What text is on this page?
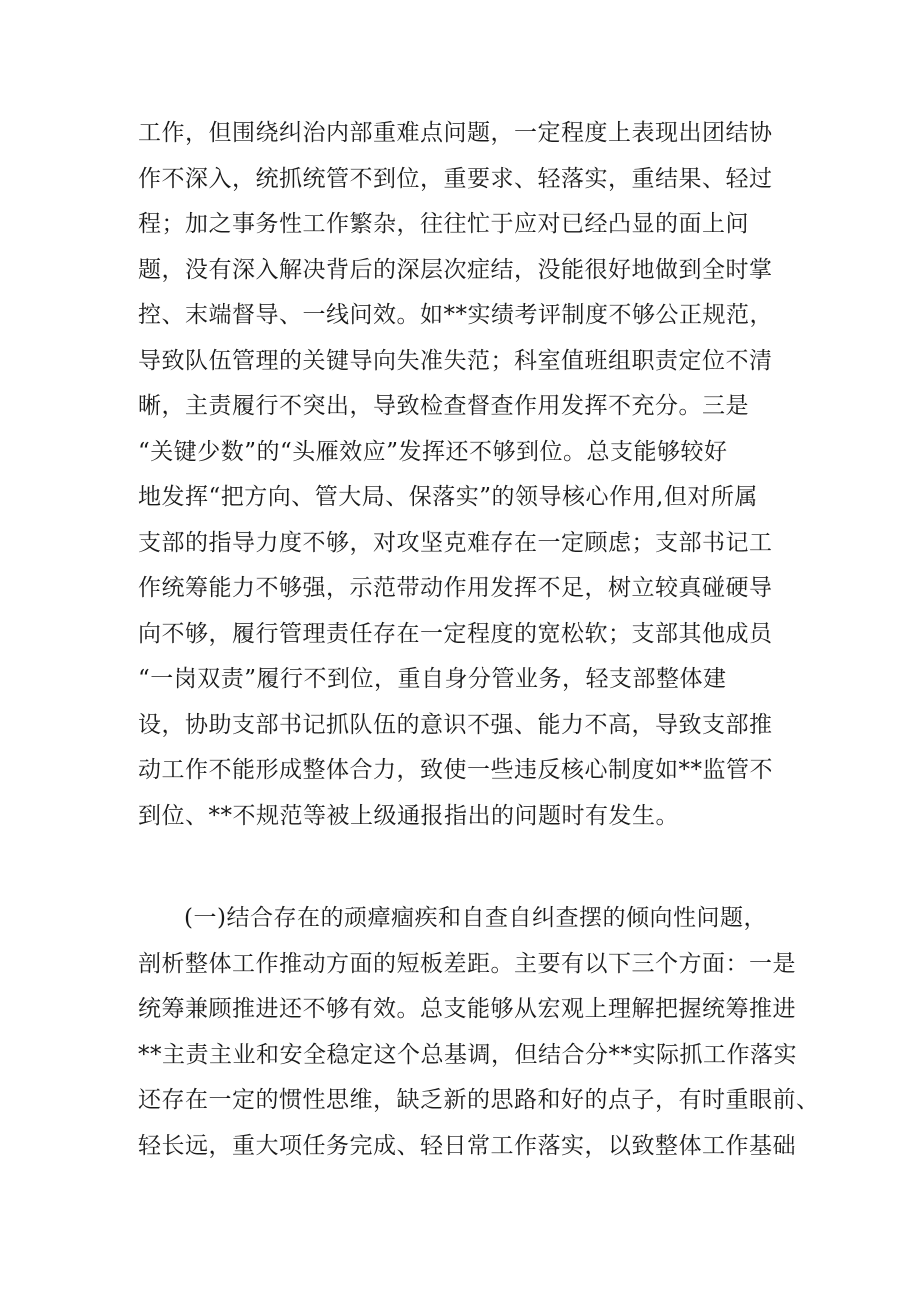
工作，但围绕纠治内部重难点问题，一定程度上表现出团结协
作不深入，统抓统管不到位，重要求、轻落实，重结果、轻过
程；加之事务性工作繁杂，往往忙于应对已经凸显的面上问
题，没有深入解决背后的深层次症结，没能很好地做到全时掌
控、末端督导、一线问效。如**实绩考评制度不够公正规范，
导致队伍管理的关键导向失准失范；科室值班组职责定位不清
晰，主责履行不突出，导致检查督查作用发挥不充分。三是
“关键少数”的“头雁效应”发挥还不够到位。总支能够较好
地发挥“把方向、管大局、保落实”的领导核心作用,但对所属
支部的指导力度不够，对攻坚克难存在一定顾虑；支部书记工
作统筹能力不够强，示范带动作用发挥不足，树立较真碰硬导
向不够，履行管理责任存在一定程度的宽松软；支部其他成员
“一岗双责”履行不到位，重自身分管业务，轻支部整体建
设，协助支部书记抓队伍的意识不强、能力不高，导致支部推
动工作不能形成整体合力，致使一些违反核心制度如**监管不
到位、**不规范等被上级通报指出的问题时有发生。
(一)结合存在的顽瘴痼疾和自查自纠查摆的倾向性问题，
剖析整体工作推动方面的短板差距。主要有以下三个方面：一是
统筹兼顾推进还不够有效。总支能够从宏观上理解把握统筹推进
**主责主业和安全稳定这个总基调，但结合分**实际抓工作落实
还存在一定的惯性思维，缺乏新的思路和好的点子，有时重眼前、
轻长远，重大项任务完成、轻日常工作落实，以致整体工作基础
